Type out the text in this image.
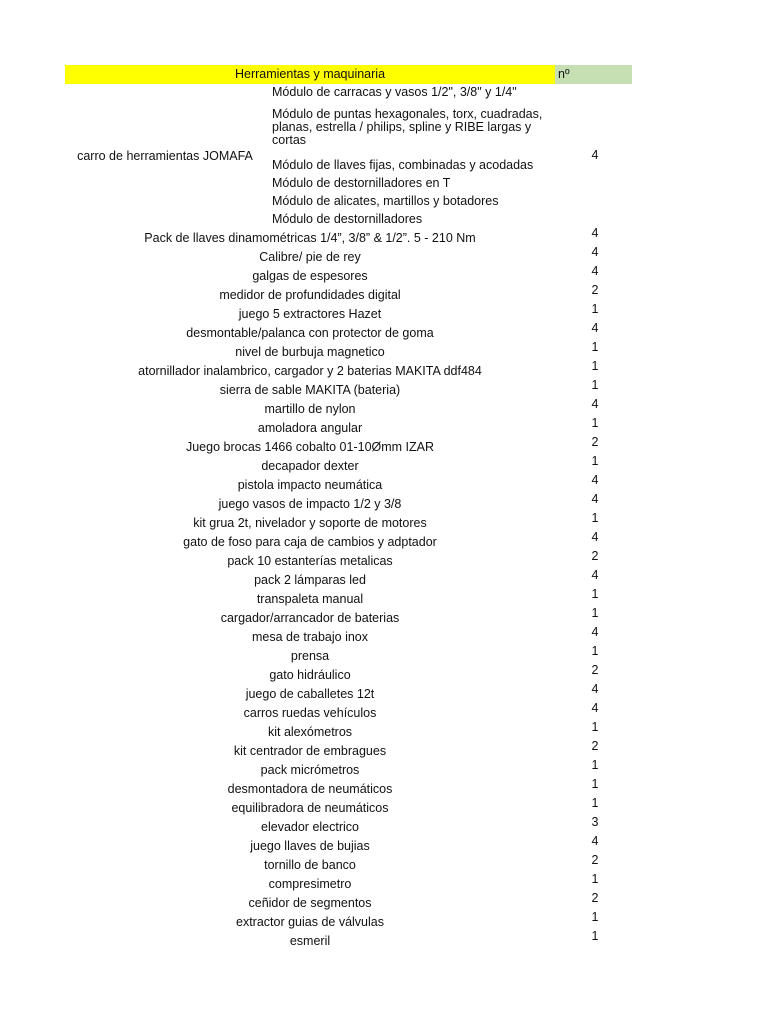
Herramientas y maquinaria	nº
carro de herramientas JOMAFA	4
Módulo de carracas y vasos 1/2", 3/8" y 1/4"
Módulo de puntas hexagonales, torx, cuadradas, planas, estrella / philips, spline y RIBE largas y cortas
Módulo de llaves fijas, combinadas y acodadas
Módulo de destornilladores en T
Módulo de alicates, martillos y botadores
Módulo de destornilladores
Pack de llaves dinamométricas 1/4”, 3/8” & 1/2”. 5 - 210 Nm	4
Calibre/ pie de rey	4
galgas de espesores	4
medidor de profundidades digital	2
juego 5 extractores Hazet	1
desmontable/palanca con protector de goma	4
nivel de burbuja magnetico	1
atornillador inalambrico, cargador y 2 baterias MAKITA ddf484	1
sierra de sable MAKITA (bateria)	1
martillo de nylon	4
amoladora angular	1
Juego brocas 1466 cobalto 01-10Ømm IZAR	2
decapador dexter	1
pistola impacto neumática	4
juego vasos de impacto 1/2 y 3/8	4
kit grua 2t, nivelador y soporte de motores	1
gato de foso para caja de cambios y adptador	4
pack 10 estanterías metalicas	2
pack 2 lámparas led	4
transpaleta manual	1
cargador/arrancador de baterias	1
mesa de trabajo inox	4
prensa	1
gato hidráulico	2
juego de caballetes 12t	4
carros ruedas vehículos	4
kit alexómetros	1
kit centrador de embragues	2
pack micrómetros	1
desmontadora de neumáticos	1
equilibradora de neumáticos	1
elevador electrico	3
juego llaves de bujias	4
tornillo de banco	2
compresimetro	1
ceñidor de segmentos	2
extractor guias de válvulas	1
esmeril	1
